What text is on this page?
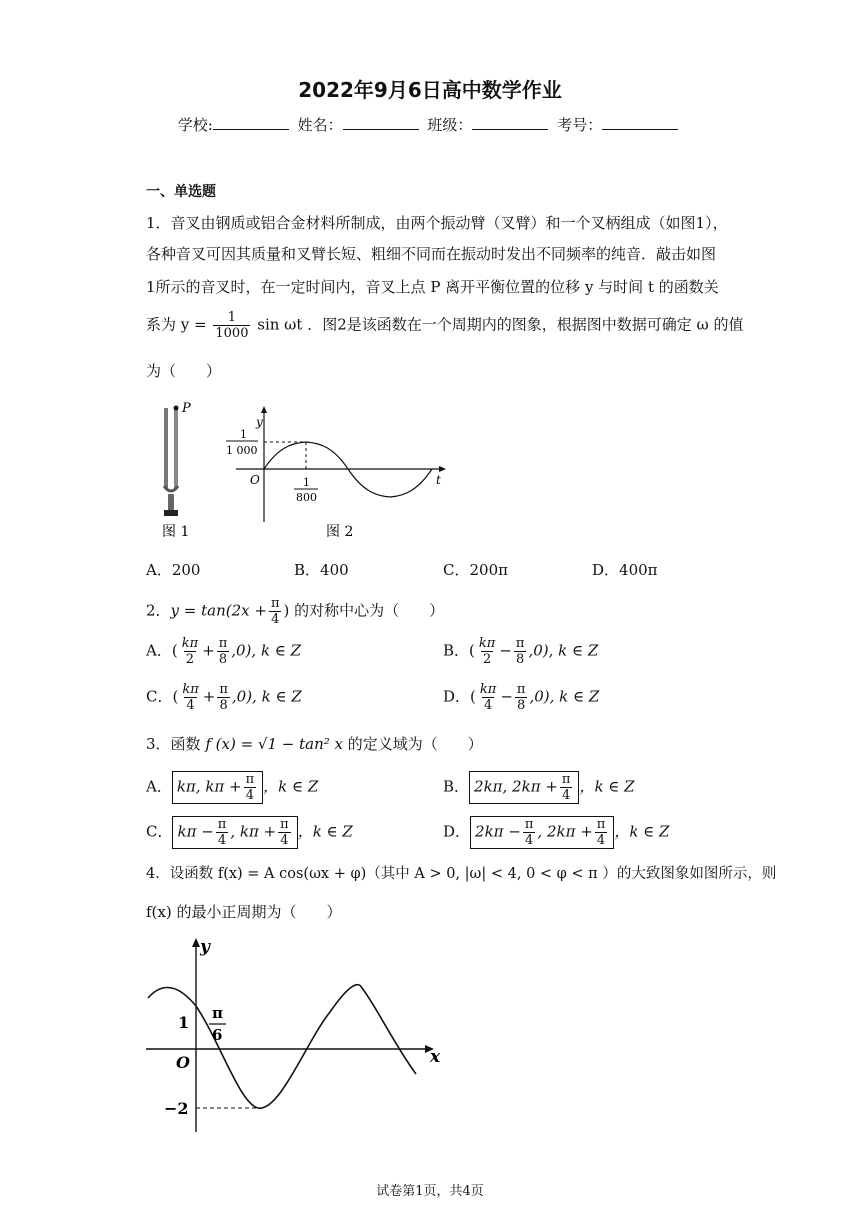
2022年9月6日高中数学作业
学校:	姓名：	班级：	考号：
一、单选题
1．音叉由钢质或铝合金材料所制成，由两个振动臂（叉臂）和一个叉柄组成（如图1），
各种音叉可因其质量和叉臂长短、粗细不同而在振动时发出不同频率的纯音．敲击如图
1所示的音叉时，在一定时间内，音叉上点 P 离开平衡位置的位移 y 与时间 t 的函数关
系为 $y = \frac{1}{1000}$ sin ωt ．图2是该函数在一个周期内的图象，根据图中数据可确定 ω 的值
为（　　）
P
图 1
y
t
O
1
1 000
1
800
图 2
A．200	B．400	C．200π	D．400π
2．$y = \tan(2x + \frac{\pi}{4}$ ) 的对称中心为（　　）
A．( $\frac{k\pi}{2} + \frac{\pi}{8} ,0$), k ∈ Z	B．( $\frac{k\pi}{2} - \frac{\pi}{8} ,0$), k ∈ Z
C．( $\frac{k\pi}{4} + \frac{\pi}{8} ,0$), k ∈ Z	D．( $\frac{k\pi}{4} - \frac{\pi}{8} ,0$), k ∈ Z
3．函数 f (x) = √1 − tan² x 的定义域为（　　）
A． kπ, $k\pi + \frac{\pi}{4}$ ，k ∈ Z	B． 2kπ, $2k\pi + \frac{\pi}{4}$ ，k ∈ Z
C． $k\pi - \frac{\pi}{4}$ , $k\pi + \frac{\pi}{4}$ ，k ∈ Z	D． $2k\pi - \frac{\pi}{4}$ , $2k\pi + \frac{\pi}{4}$ ，k ∈ Z
4．设函数 f(x) = A cos(ωx + φ)（其中 A > 0, |ω| < 4, 0 < φ < π ）的大致图象如图所示，则
f(x) 的最小正周期为（　　）
y
x
O
1 π
6
−2
试卷第1页，共4页
